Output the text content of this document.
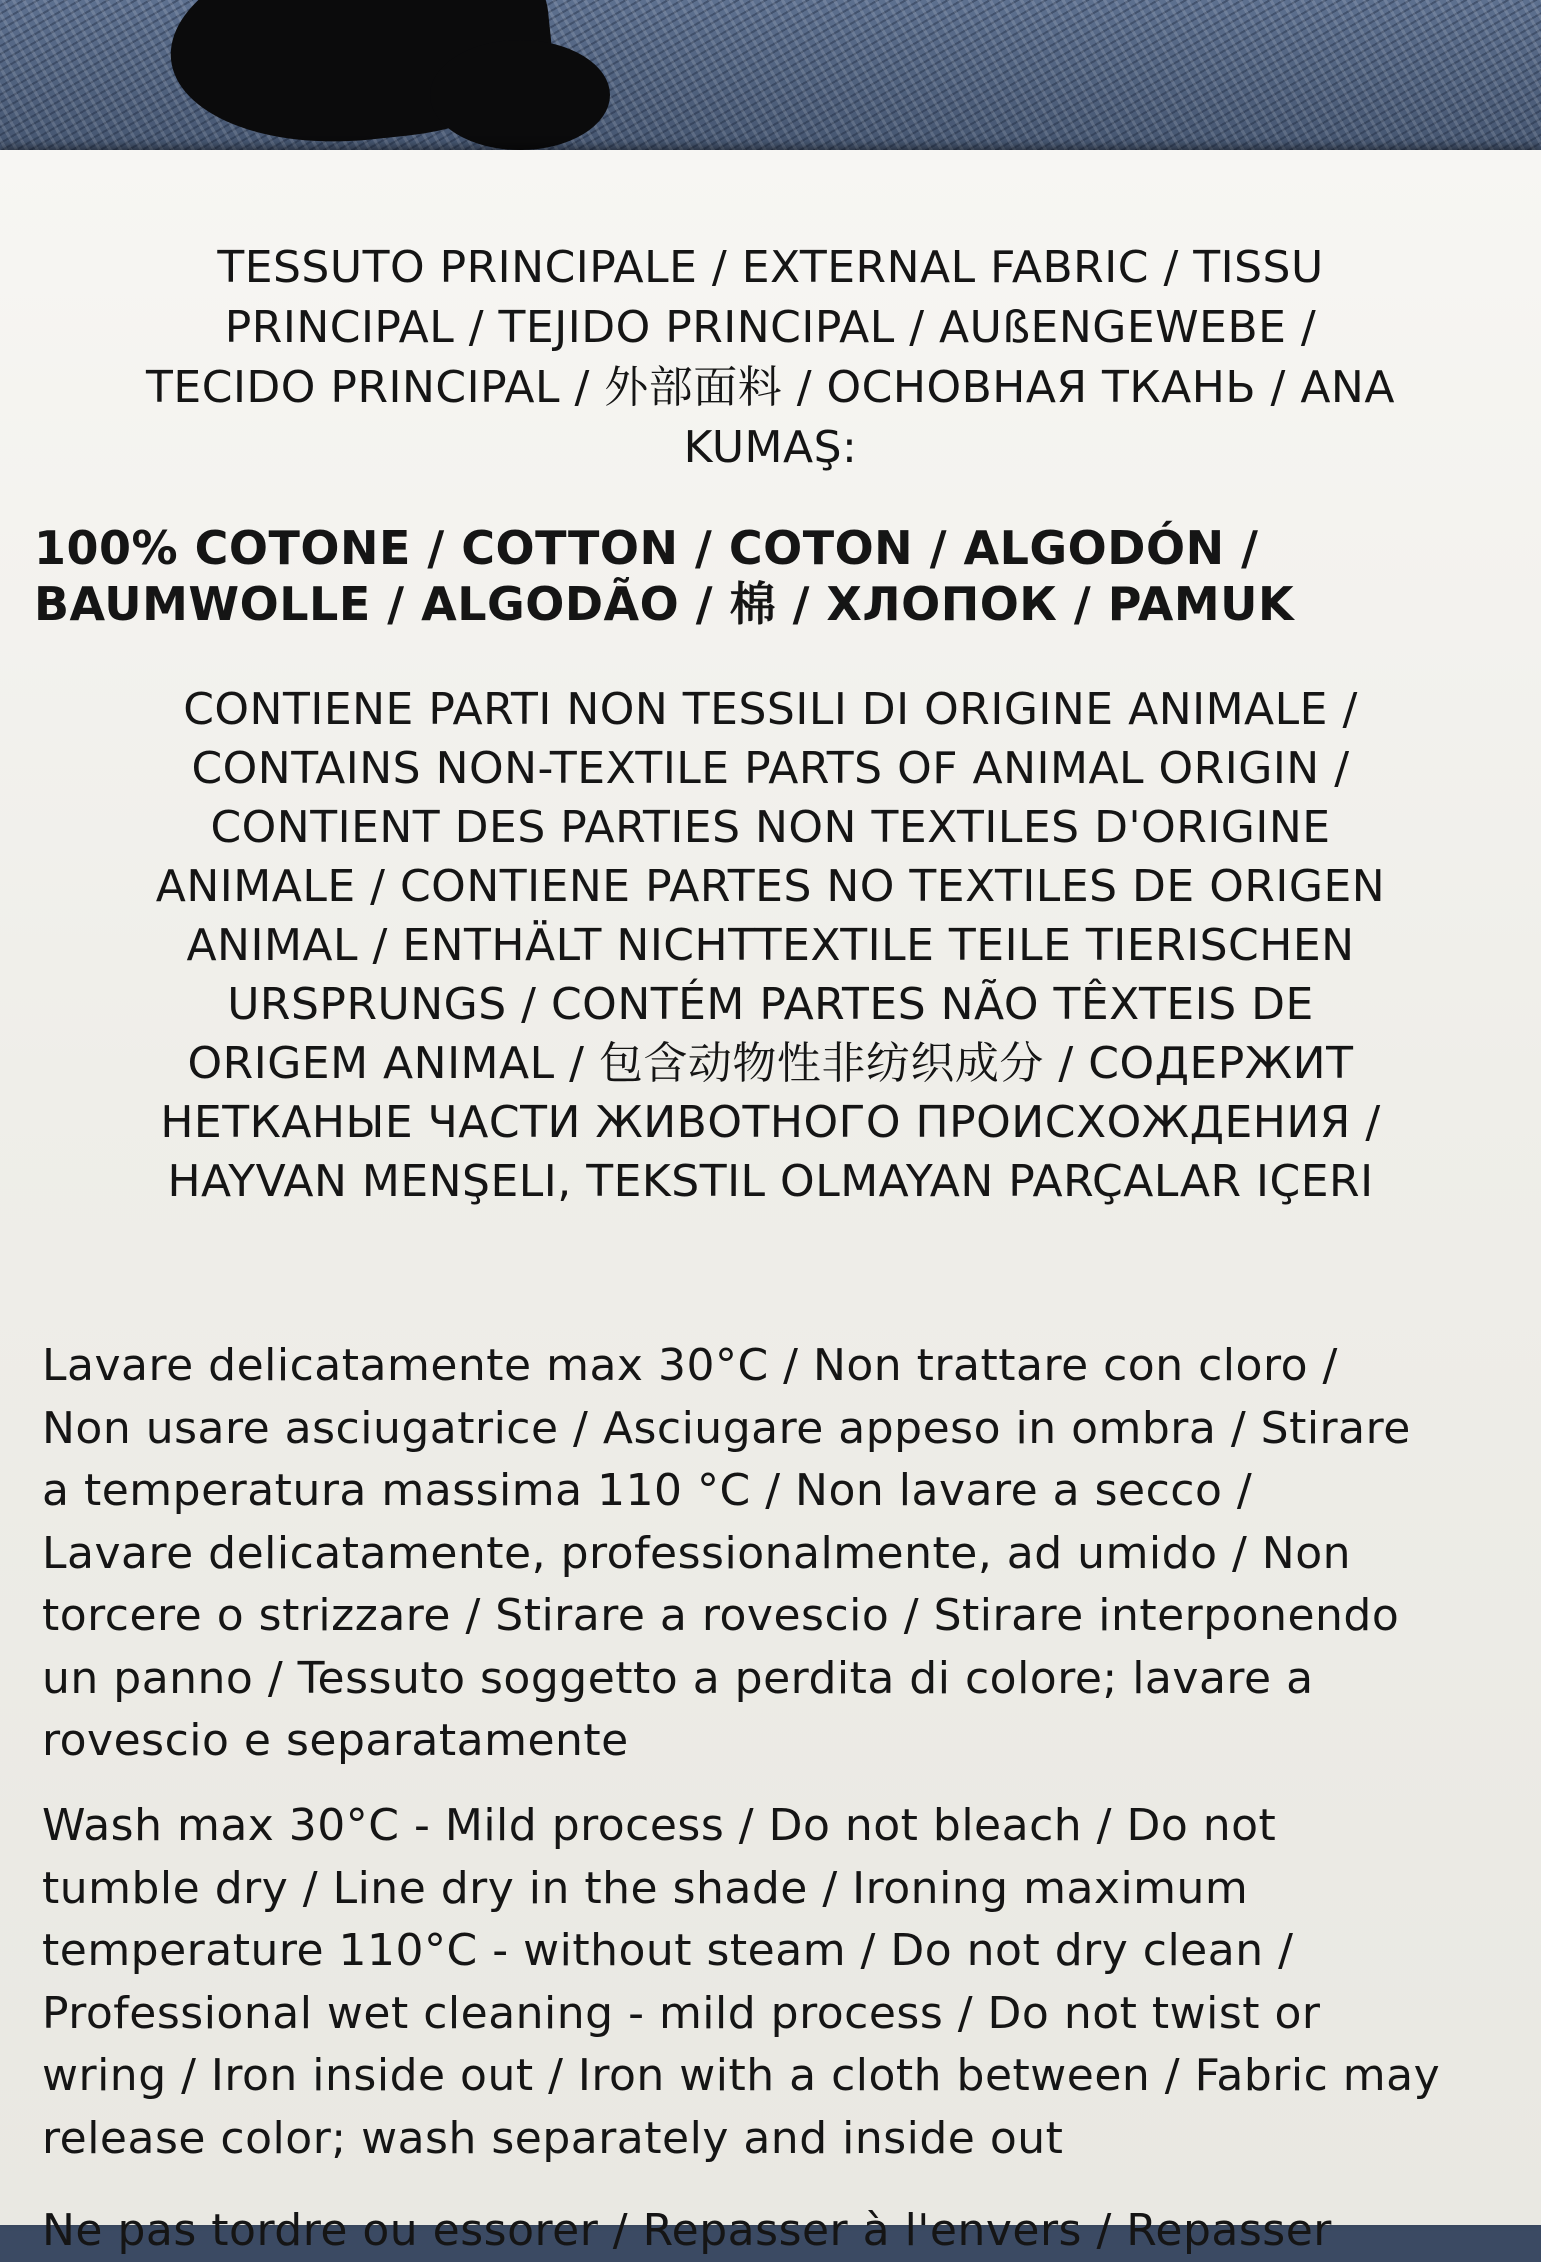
TESSUTO PRINCIPALE / EXTERNAL FABRIC / TISSU
PRINCIPAL / TEJIDO PRINCIPAL / AUßENGEWEBE /
TECIDO PRINCIPAL / 外部面料 / ОСНОВНАЯ ТКАНЬ / ANA
KUMAŞ:
100% COTONE / COTTON / COTON / ALGODÓN /
BAUMWOLLE / ALGODÃO / 棉 / ХЛОПОК / PAMUK
CONTIENE PARTI NON TESSILI DI ORIGINE ANIMALE /
CONTAINS NON-TEXTILE PARTS OF ANIMAL ORIGIN /
CONTIENT DES PARTIES NON TEXTILES D'ORIGINE
ANIMALE / CONTIENE PARTES NO TEXTILES DE ORIGEN
ANIMAL / ENTHÄLT NICHTTEXTILE TEILE TIERISCHEN
URSPRUNGS / CONTÉM PARTES NÃO TÊXTEIS DE
ORIGEM ANIMAL / 包含动物性非纺织成分 / СОДЕРЖИТ
НЕТКАНЫЕ ЧАСТИ ЖИВОТНОГО ПРОИСХОЖДЕНИЯ /
HAYVAN MENŞELI, TEKSTIL OLMAYAN PARÇALAR IÇERI
Lavare delicatamente max 30°C / Non trattare con cloro /
Non usare asciugatrice / Asciugare appeso in ombra / Stirare
a temperatura massima 110 °C / Non lavare a secco /
Lavare delicatamente, professionalmente, ad umido / Non
torcere o strizzare / Stirare a rovescio / Stirare interponendo
un panno / Tessuto soggetto a perdita di colore; lavare a
rovescio e separatamente
Wash max 30°C - Mild process / Do not bleach / Do not
tumble dry / Line dry in the shade / Ironing maximum
temperature 110°C - without steam / Do not dry clean /
Professional wet cleaning - mild process / Do not twist or
wring / Iron inside out / Iron with a cloth between / Fabric may
release color; wash separately and inside out
Ne pas tordre ou essorer / Repasser à l'envers / Repasser
